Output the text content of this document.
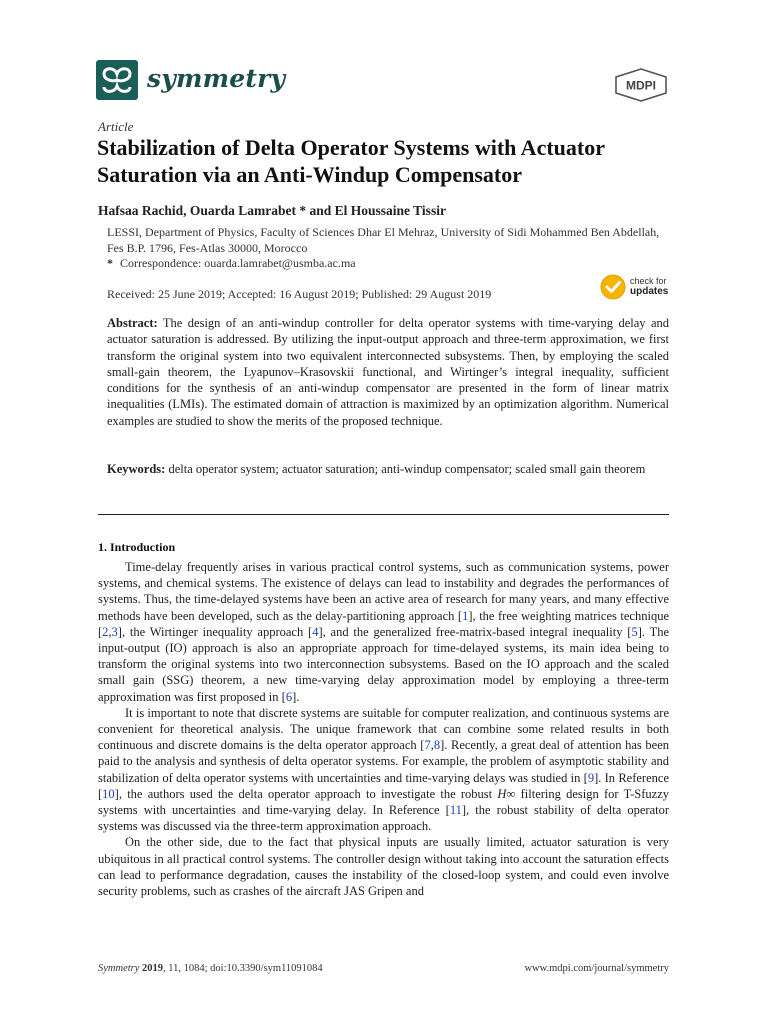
symmetry	MDPI
Article
Stabilization of Delta Operator Systems with Actuator Saturation via an Anti-Windup Compensator
Hafsaa Rachid, Ouarda Lamrabet * and El Houssaine Tissir
LESSI, Department of Physics, Faculty of Sciences Dhar El Mehraz, University of Sidi Mohammed Ben Abdellah, Fes B.P. 1796, Fes-Atlas 30000, Morocco
* Correspondence: ouarda.lamrabet@usmba.ac.ma
check for
updates
Received: 25 June 2019; Accepted: 16 August 2019; Published: 29 August 2019
Abstract: The design of an anti-windup controller for delta operator systems with time-varying delay and actuator saturation is addressed. By utilizing the input-output approach and three-term approximation, we first transform the original system into two equivalent interconnected subsystems. Then, by employing the scaled small-gain theorem, the Lyapunov–Krasovskii functional, and Wirtinger’s integral inequality, sufficient conditions for the synthesis of an anti-windup compensator are presented in the form of linear matrix inequalities (LMIs). The estimated domain of attraction is maximized by an optimization algorithm. Numerical examples are studied to show the merits of the proposed technique.
Keywords: delta operator system; actuator saturation; anti-windup compensator; scaled small gain theorem
1. Introduction

Time-delay frequently arises in various practical control systems, such as communication systems, power systems, and chemical systems. The existence of delays can lead to instability and degrades the performances of systems. Thus, the time-delayed systems have been an active area of research for many years, and many effective methods have been developed, such as the delay-partitioning approach [1], the free weighting matrices technique [2,3], the Wirtinger inequality approach [4], and the generalized free-matrix-based integral inequality [5]. The input-output (IO) approach is also an appropriate approach for time-delayed systems, its main idea being to transform the original systems into two interconnection subsystems. Based on the IO approach and the scaled small gain (SSG) theorem, a new time-varying delay approximation model by employing a three-term approximation was first proposed in [6].

It is important to note that discrete systems are suitable for computer realization, and continuous systems are convenient for theoretical analysis. The unique framework that can combine some related results in both continuous and discrete domains is the delta operator approach [7,8]. Recently, a great deal of attention has been paid to the analysis and synthesis of delta operator systems. For example, the problem of asymptotic stability and stabilization of delta operator systems with uncertainties and time-varying delays was studied in [9]. In Reference [10], the authors used the delta operator approach to investigate the robust H∞ filtering design for T-Sfuzzy systems with uncertainties and time-varying delay. In Reference [11], the robust stability of delta operator systems was discussed via the three-term approximation approach.

On the other side, due to the fact that physical inputs are usually limited, actuator saturation is very ubiquitous in all practical control systems. The controller design without taking into account the saturation effects can lead to performance degradation, causes the instability of the closed-loop system, and could even involve security problems, such as crashes of the aircraft JAS Gripen and

Symmetry 2019, 11, 1084; doi:10.3390/sym11091084	www.mdpi.com/journal/symmetry
